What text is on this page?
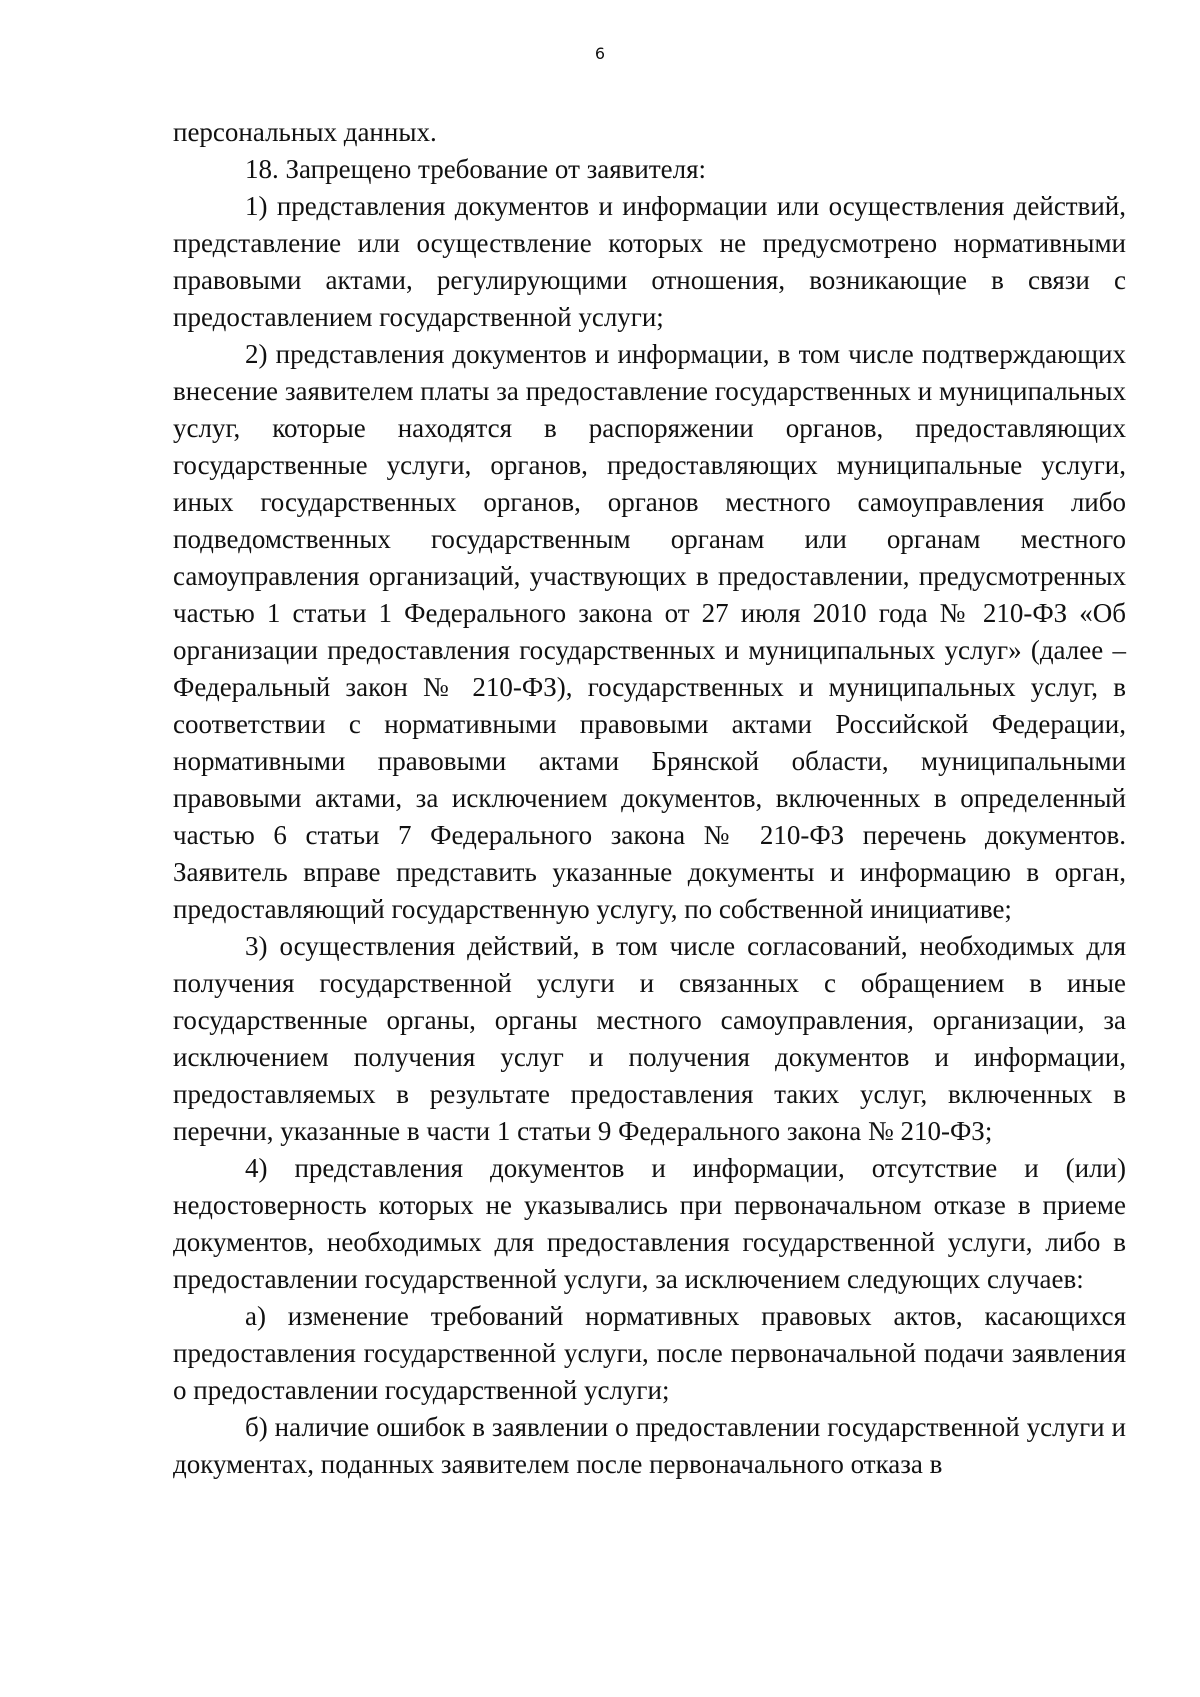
6

персональных данных.

18. Запрещено требование от заявителя:

1) представления документов и информации или осуществления действий, представление или осуществление которых не предусмотрено нормативными правовыми актами, регулирующими отношения, возникающие в связи с предоставлением государственной услуги;

2) представления документов и информации, в том числе подтверждающих внесение заявителем платы за предоставление государственных и муниципальных услуг, которые находятся в распоряжении органов, предоставляющих государственные услуги, органов, предоставляющих муниципальные услуги, иных государственных органов, органов местного самоуправления либо подведомственных государственным органам или органам местного самоуправления организаций, участвующих в предоставлении, предусмотренных частью 1 статьи 1 Федерального закона от 27 июля 2010 года № 210-ФЗ «Об организации предоставления государственных и муниципальных услуг» (далее – Федеральный закон № 210-ФЗ), государственных и муниципальных услуг, в соответствии с нормативными правовыми актами Российской Федерации, нормативными правовыми актами Брянской области, муниципальными правовыми актами, за исключением документов, включенных в определенный частью 6 статьи 7 Федерального закона № 210-ФЗ перечень документов. Заявитель вправе представить указанные документы и информацию в орган, предоставляющий государственную услугу, по собственной инициативе;

3) осуществления действий, в том числе согласований, необходимых для получения государственной услуги и связанных с обращением в иные государственные органы, органы местного самоуправления, организации, за исключением получения услуг и получения документов и информации, предоставляемых в результате предоставления таких услуг, включенных в перечни, указанные в части 1 статьи 9 Федерального закона № 210-ФЗ;

4) представления документов и информации, отсутствие и (или) недостоверность которых не указывались при первоначальном отказе в приеме документов, необходимых для предоставления государственной услуги, либо в предоставлении государственной услуги, за исключением следующих случаев:

а) изменение требований нормативных правовых актов, касающихся предоставления государственной услуги, после первоначальной подачи заявления о предоставлении государственной услуги;

б) наличие ошибок в заявлении о предоставлении государственной услуги и документах, поданных заявителем после первоначального отказа в
